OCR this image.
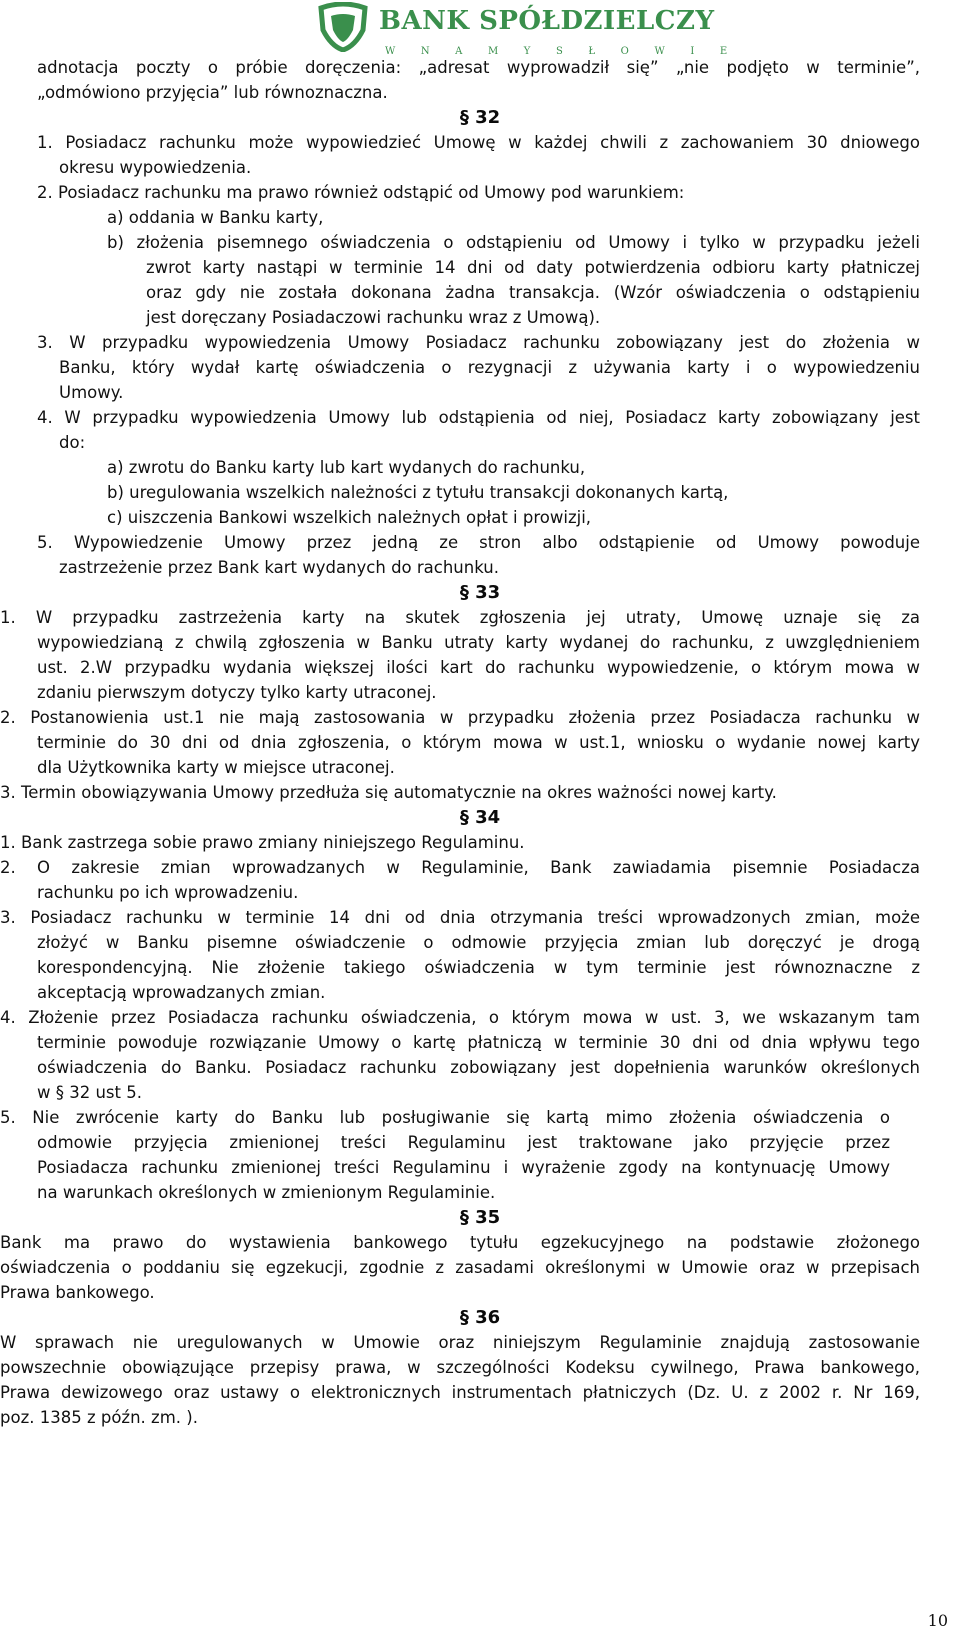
BANK SPÓŁDZIELCZY
W N A M Y S Ł O W I E
adnotacja poczty o próbie doręczenia: „adresat wyprowadził się” „nie podjęto w terminie”,
„odmówiono przyjęcia” lub równoznaczna.
§ 32
1. Posiadacz rachunku może wypowiedzieć Umowę w każdej chwili z zachowaniem 30 dniowego
okresu wypowiedzenia.
2. Posiadacz rachunku ma prawo również odstąpić od Umowy pod warunkiem:
a) oddania w Banku karty,
b) złożenia pisemnego oświadczenia o odstąpieniu od Umowy i tylko w przypadku jeżeli
zwrot karty nastąpi w terminie 14 dni od daty potwierdzenia odbioru karty płatniczej
oraz gdy nie została dokonana żadna transakcja. (Wzór oświadczenia o odstąpieniu
jest doręczany Posiadaczowi rachunku wraz z Umową).
3. W przypadku wypowiedzenia Umowy Posiadacz rachunku zobowiązany jest do złożenia w
Banku, który wydał kartę oświadczenia o rezygnacji z używania karty i o wypowiedzeniu
Umowy.
4. W przypadku wypowiedzenia Umowy lub odstąpienia od niej, Posiadacz karty zobowiązany jest
do:
a) zwrotu do Banku karty lub kart wydanych do rachunku,
b) uregulowania wszelkich należności z tytułu transakcji dokonanych kartą,
c) uiszczenia Bankowi wszelkich należnych opłat i prowizji,
5. Wypowiedzenie Umowy przez jedną ze stron albo odstąpienie od Umowy powoduje
zastrzeżenie przez Bank kart wydanych do rachunku.
§ 33
1. W przypadku zastrzeżenia karty na skutek zgłoszenia jej utraty, Umowę uznaje się za
wypowiedzianą z chwilą zgłoszenia w Banku utraty karty wydanej do rachunku, z uwzględnieniem
ust. 2.W przypadku wydania większej ilości kart do rachunku wypowiedzenie, o którym mowa w
zdaniu pierwszym dotyczy tylko karty utraconej.
2. Postanowienia ust.1 nie mają zastosowania w przypadku złożenia przez Posiadacza rachunku w
terminie do 30 dni od dnia zgłoszenia, o którym mowa w ust.1, wniosku o wydanie nowej karty
dla Użytkownika karty w miejsce utraconej.
3. Termin obowiązywania Umowy przedłuża się automatycznie na okres ważności nowej karty.
§ 34
1. Bank zastrzega sobie prawo zmiany niniejszego Regulaminu.
2. O zakresie zmian wprowadzanych w Regulaminie, Bank zawiadamia pisemnie Posiadacza
rachunku po ich wprowadzeniu.
3. Posiadacz rachunku w terminie 14 dni od dnia otrzymania treści wprowadzonych zmian, może
złożyć w Banku pisemne oświadczenie o odmowie przyjęcia zmian lub doręczyć je drogą
korespondencyjną. Nie złożenie takiego oświadczenia w tym terminie jest równoznaczne z
akceptacją wprowadzanych zmian.
4. Złożenie przez Posiadacza rachunku oświadczenia, o którym mowa w ust. 3, we wskazanym tam
terminie powoduje rozwiązanie Umowy o kartę płatniczą w terminie 30 dni od dnia wpływu tego
oświadczenia do Banku. Posiadacz rachunku zobowiązany jest dopełnienia warunków określonych
w § 32 ust 5.
5. Nie zwrócenie karty do Banku lub posługiwanie się kartą mimo złożenia oświadczenia o
odmowie przyjęcia zmienionej treści Regulaminu jest traktowane jako przyjęcie przez
Posiadacza rachunku zmienionej treści Regulaminu i wyrażenie zgody na kontynuację Umowy
na warunkach określonych w zmienionym Regulaminie.
§ 35
Bank ma prawo do wystawienia bankowego tytułu egzekucyjnego na podstawie złożonego
oświadczenia o poddaniu się egzekucji, zgodnie z zasadami określonymi w Umowie oraz w przepisach
Prawa bankowego.
§ 36
W sprawach nie uregulowanych w Umowie oraz niniejszym Regulaminie znajdują zastosowanie
powszechnie obowiązujące przepisy prawa, w szczególności Kodeksu cywilnego, Prawa bankowego,
Prawa dewizowego oraz ustawy o elektronicznych instrumentach płatniczych (Dz. U. z 2002 r. Nr 169,
poz. 1385 z późn. zm. ).
10
